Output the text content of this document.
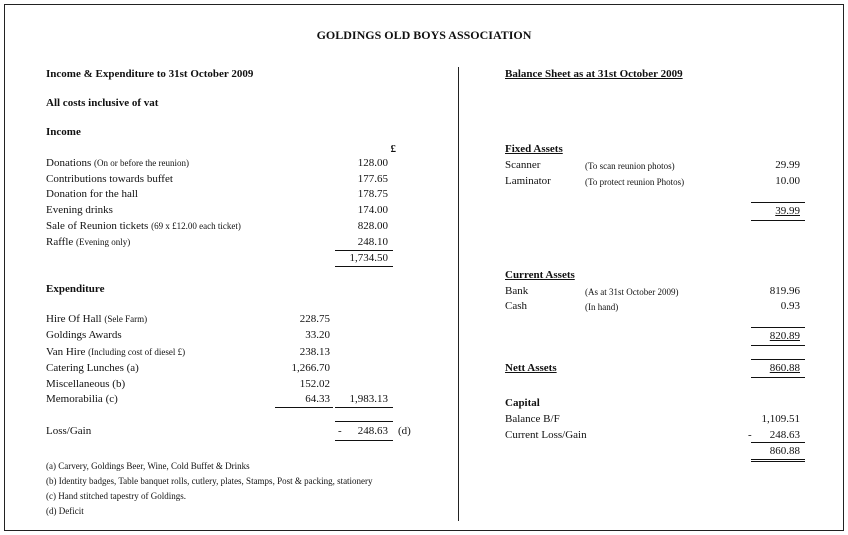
GOLDINGS OLD BOYS ASSOCIATION
Income & Expenditure to 31st October 2009
All costs inclusive of vat
Income
£
Donations (On or before the reunion)	128.00
Contributions towards buffet	177.65
Donation for the hall	178.75
Evening drinks	174.00
Sale of Reunion tickets (69 x £12.00 each ticket)	828.00
Raffle (Evening only)	248.10
1,734.50
Expenditure
Hire Of Hall (Sele Farm)	228.75
Goldings Awards	33.20
Van Hire (Including cost of diesel £)	238.13
Catering Lunches (a)	1,266.70
Miscellaneous (b)	152.02
Memorabilia (c)	64.33	1,983.13
Loss/Gain	-	248.63 (d)
(a) Carvery, Goldings Beer, Wine, Cold Buffet & Drinks
(b) Identity badges, Table banquet rolls, cutlery, plates, Stamps, Post & packing, stationery
(c) Hand stitched tapestry of Goldings.
(d) Deficit
Balance Sheet as at 31st October 2009
Fixed Assets
Scanner	(To scan reunion photos)	29.99
Laminator	(To protect reunion Photos)	10.00
39.99
Current Assets
Bank	(As at 31st October 2009)	819.96
Cash	(In hand)	0.93
820.89
Nett Assets	860.88
Capital
Balance B/F	1,109.51
Current Loss/Gain	-	248.63
860.88
